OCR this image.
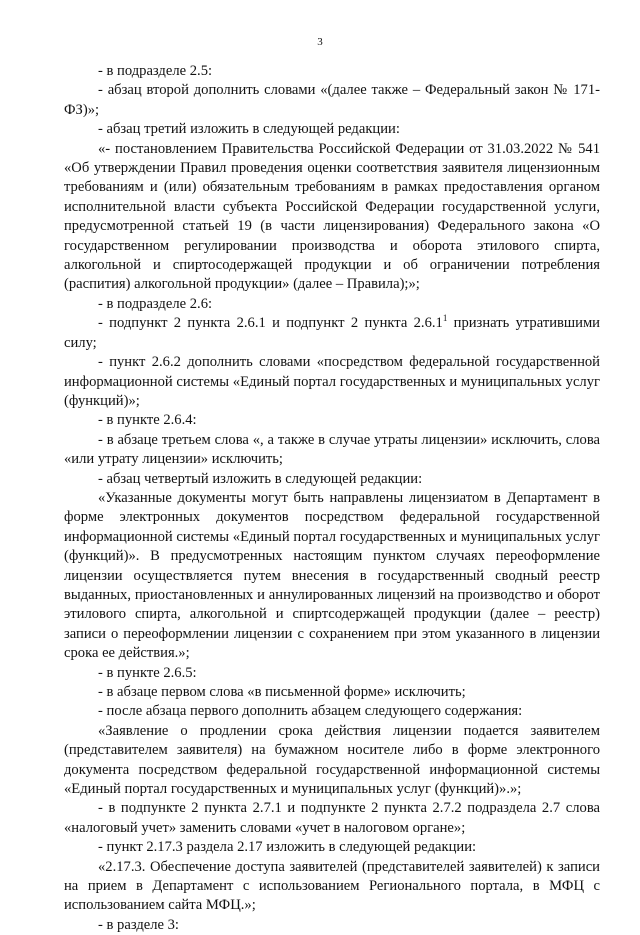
3

- в подразделе 2.5:

- абзац второй дополнить словами «(далее также – Федеральный закон № 171-ФЗ)»;

- абзац третий изложить в следующей редакции:

«- постановлением Правительства Российской Федерации от 31.03.2022 № 541 «Об утверждении Правил проведения оценки соответствия заявителя лицензионным требованиям и (или) обязательным требованиям в рамках предоставления органом исполнительной власти субъекта Российской Федерации государственной услуги, предусмотренной статьей 19 (в части лицензирования) Федерального закона «О государственном регулировании производства и оборота этилового спирта, алкогольной и спиртосодержащей продукции и об ограничении потребления (распития) алкогольной продукции» (далее – Правила);»;

- в подразделе 2.6:

- подпункт 2 пункта 2.6.1 и подпункт 2 пункта 2.6.1$^1$ признать утратившими силу;

- пункт 2.6.2 дополнить словами «посредством федеральной государственной информационной системы «Единый портал государственных и муниципальных услуг (функций)»;

- в пункте 2.6.4:

- в абзаце третьем слова «, а также в случае утраты лицензии» исключить, слова «или утрату лицензии» исключить;

- абзац четвертый изложить в следующей редакции:

«Указанные документы могут быть направлены лицензиатом в Департамент в форме электронных документов посредством федеральной государственной информационной системы «Единый портал государственных и муниципальных услуг (функций)». В предусмотренных настоящим пунктом случаях переоформление лицензии осуществляется путем внесения в государственный сводный реестр выданных, приостановленных и аннулированных лицензий на производство и оборот этилового спирта, алкогольной и спиртсодержащей продукции (далее – реестр) записи о переоформлении лицензии с сохранением при этом указанного в лицензии срока ее действия.»;

- в пункте 2.6.5:

- в абзаце первом слова «в письменной форме» исключить;

- после абзаца первого дополнить абзацем следующего содержания:

«Заявление о продлении срока действия лицензии подается заявителем (представителем заявителя) на бумажном носителе либо в форме электронного документа посредством федеральной государственной информационной системы «Единый портал государственных и муниципальных услуг (функций)».»;

- в подпункте 2 пункта 2.7.1 и подпункте 2 пункта 2.7.2 подраздела 2.7 слова «налоговый учет» заменить словами «учет в налоговом органе»;

- пункт 2.17.3 раздела 2.17 изложить в следующей редакции:

«2.17.3. Обеспечение доступа заявителей (представителей заявителей) к записи на прием в Департамент с использованием Регионального портала, в МФЦ с использованием сайта МФЦ.»;

- в разделе 3:
